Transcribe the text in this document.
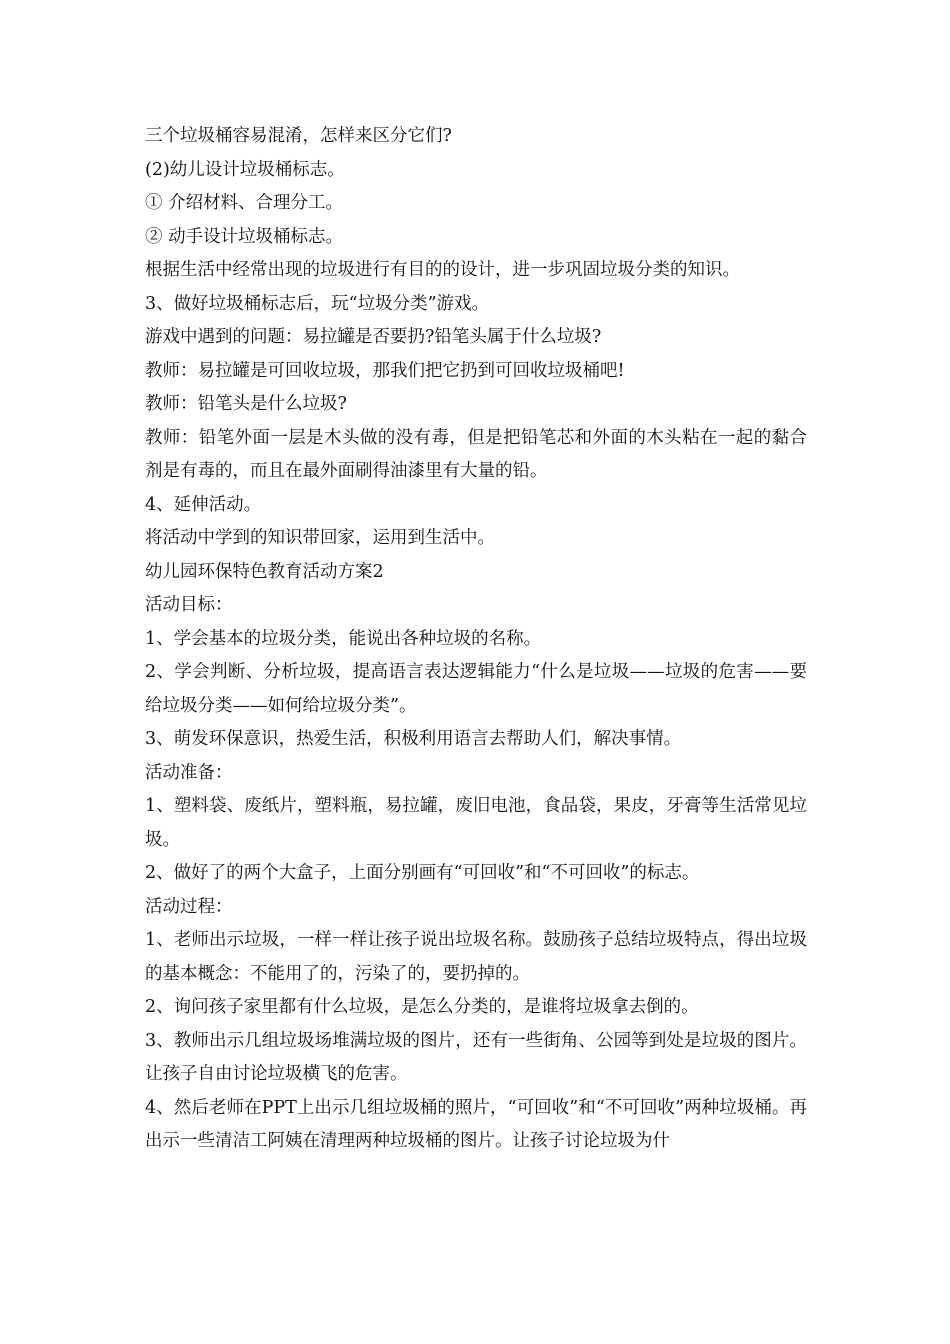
三个垃圾桶容易混淆，怎样来区分它们?

(2)幼儿设计垃圾桶标志。

① 介绍材料、合理分工。

② 动手设计垃圾桶标志。

根据生活中经常出现的垃圾进行有目的的设计，进一步巩固垃圾分类的知识。

3、做好垃圾桶标志后，玩“垃圾分类”游戏。

游戏中遇到的问题：易拉罐是否要扔?铅笔头属于什么垃圾?

教师：易拉罐是可回收垃圾，那我们把它扔到可回收垃圾桶吧!

教师：铅笔头是什么垃圾?

教师：铅笔外面一层是木头做的没有毒，但是把铅笔芯和外面的木头粘在一起的黏合剂是有毒的，而且在最外面刷得油漆里有大量的铅。

4、延伸活动。

将活动中学到的知识带回家，运用到生活中。

幼儿园环保特色教育活动方案2

活动目标：

1、学会基本的垃圾分类，能说出各种垃圾的名称。

2、学会判断、分析垃圾，提高语言表达逻辑能力“什么是垃圾——垃圾的危害——要给垃圾分类——如何给垃圾分类”。

3、萌发环保意识，热爱生活，积极利用语言去帮助人们，解决事情。

活动准备：

1、塑料袋、废纸片，塑料瓶，易拉罐，废旧电池，食品袋，果皮，牙膏等生活常见垃圾。

2、做好了的两个大盒子，上面分别画有“可回收”和“不可回收”的标志。

活动过程：

1、老师出示垃圾，一样一样让孩子说出垃圾名称。鼓励孩子总结垃圾特点，得出垃圾的基本概念：不能用了的，污染了的，要扔掉的。

2、询问孩子家里都有什么垃圾，是怎么分类的，是谁将垃圾拿去倒的。

3、教师出示几组垃圾场堆满垃圾的图片，还有一些街角、公园等到处是垃圾的图片。让孩子自由讨论垃圾横飞的危害。

4、然后老师在PPT上出示几组垃圾桶的照片，“可回收”和“不可回收”两种垃圾桶。再出示一些清洁工阿姨在清理两种垃圾桶的图片。让孩子讨论垃圾为什
